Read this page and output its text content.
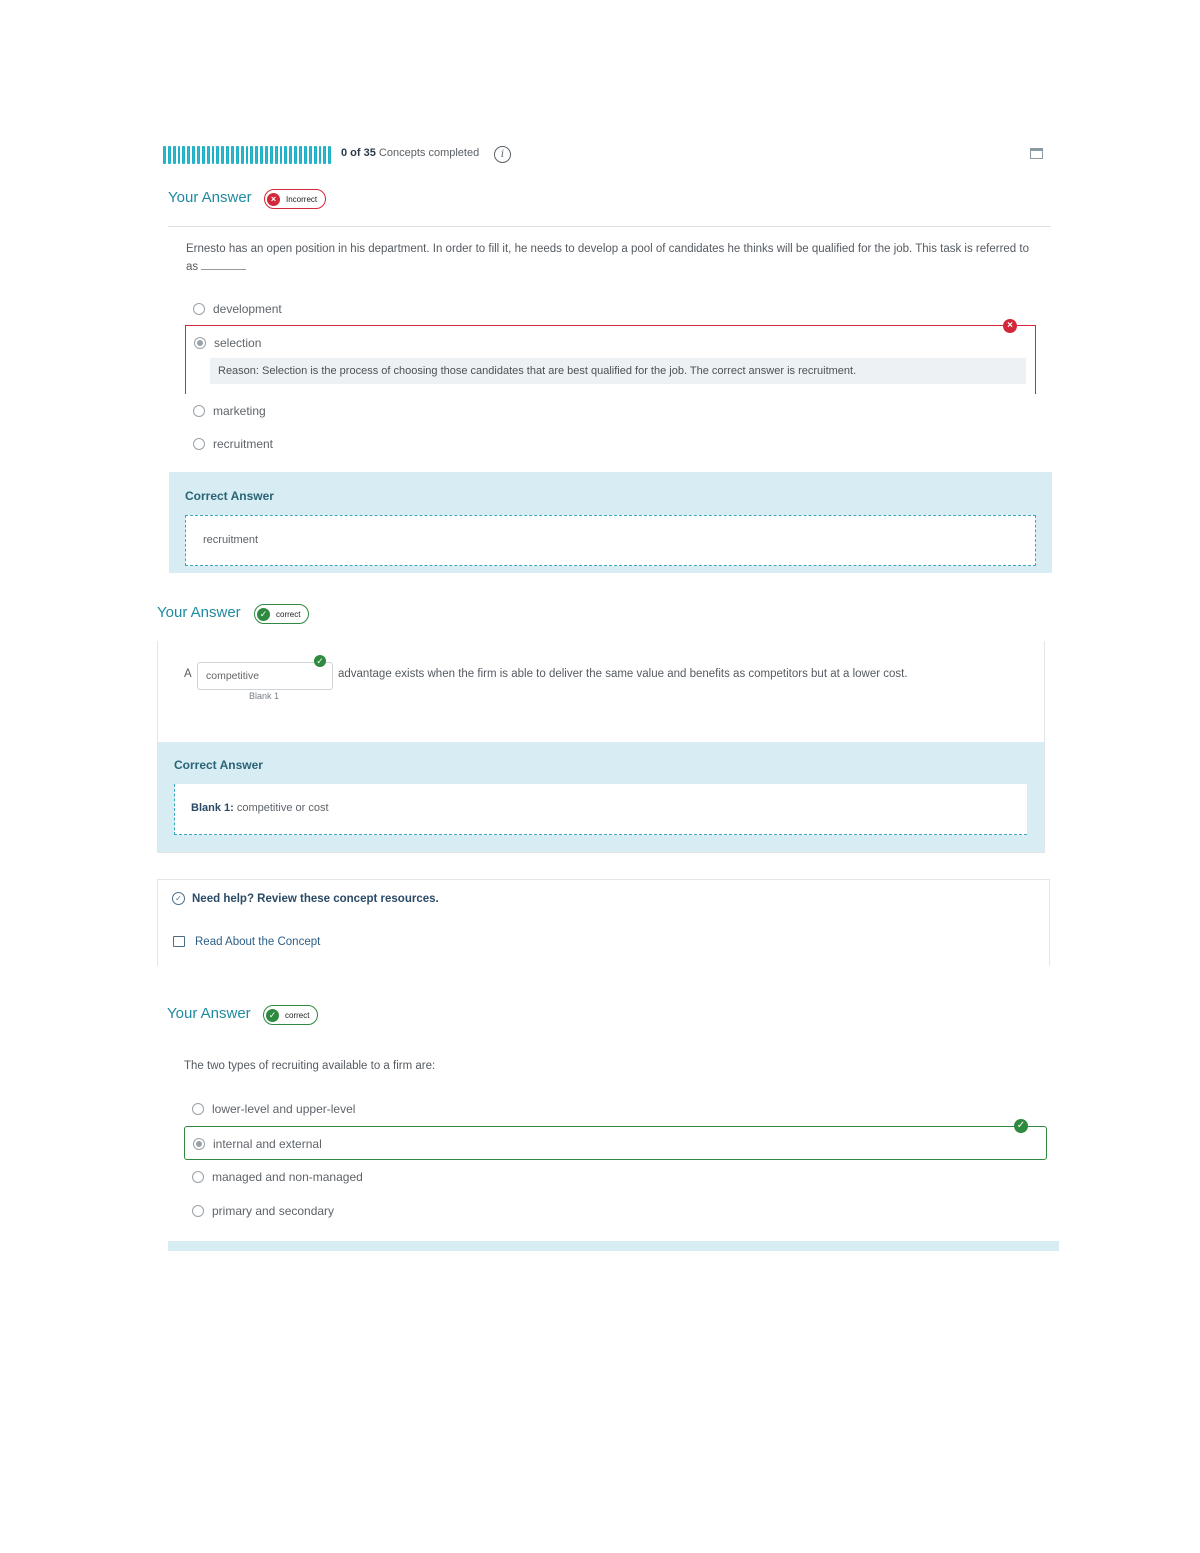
0 of 35 Concepts completed	i
Your Answer	×	Incorrect
Ernesto has an open position in his department. In order to fill it, he needs to develop a pool of candidates he thinks will be qualified for the job. This task is referred to as
development
×
selection
Reason: Selection is the process of choosing those candidates that are best qualified for the job. The correct answer is recruitment.
marketing
recruitment
Correct Answer
recruitment
Your Answer	✓	correct
A	competitive
✓
Blank 1
advantage exists when the firm is able to deliver the same value and benefits as competitors but at a lower cost.
Correct Answer
Blank 1: competitive or cost
✓ Need help? Review these concept resources.
Read About the Concept
Your Answer	✓	correct
The two types of recruiting available to a firm are:
lower-level and upper-level
✓
internal and external
managed and non-managed
primary and secondary
